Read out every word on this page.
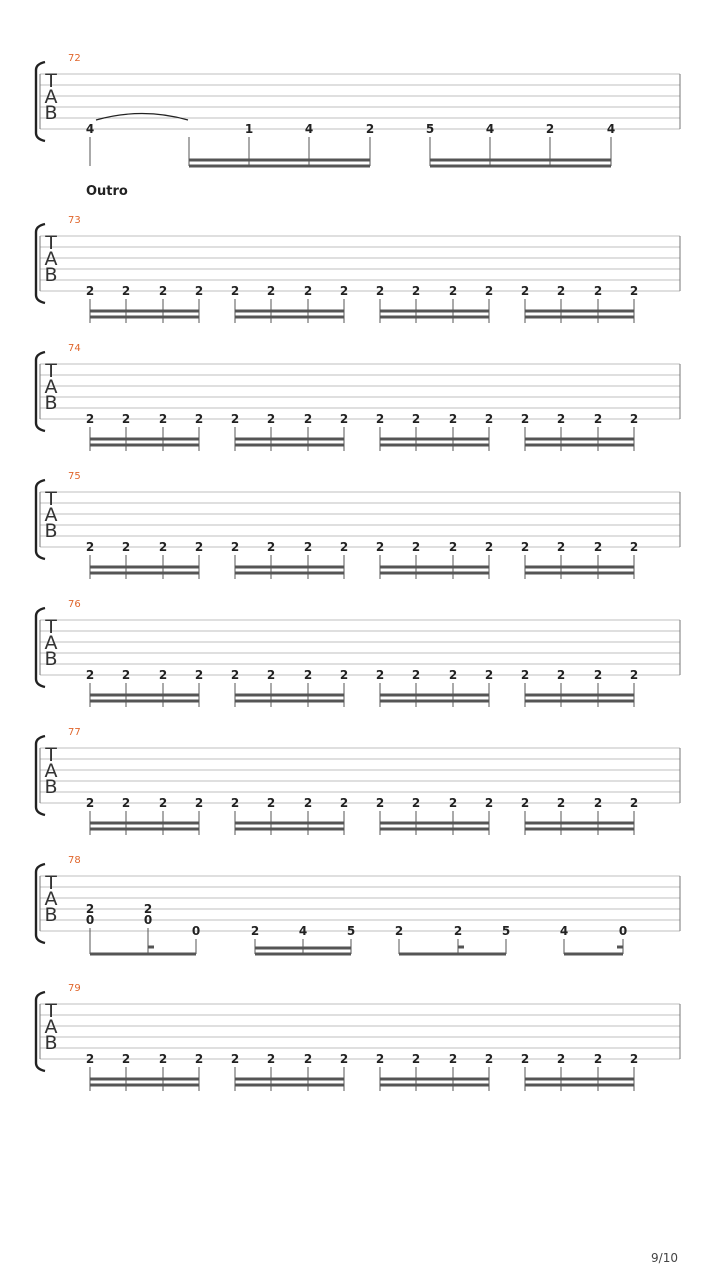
Outro
9/10
T
A
B
72
4	1	4	2	5	4	2	4
T
A
B
73
2 2 2 2 2 2 2 2 2 2 2 2 2 2 2 2
T
A
B
74
2 2 2 2 2 2 2 2 2 2 2 2 2 2 2 2
T
A
B
75
2 2 2 2 2 2 2 2 2 2 2 2 2 2 2 2
T
A
B
76
2 2 2 2 2 2 2 2 2 2 2 2 2 2 2 2
T
A
B
77
2 2 2 2 2 2 2 2 2 2 2 2 2 2 2 2
T
A
B
79
2 2 2 2 2 2 2 2 2 2 2 2 2 2 2 2
T
A
B
78
2
0
2
0
0	2	4	5	2	2	5	4	0
